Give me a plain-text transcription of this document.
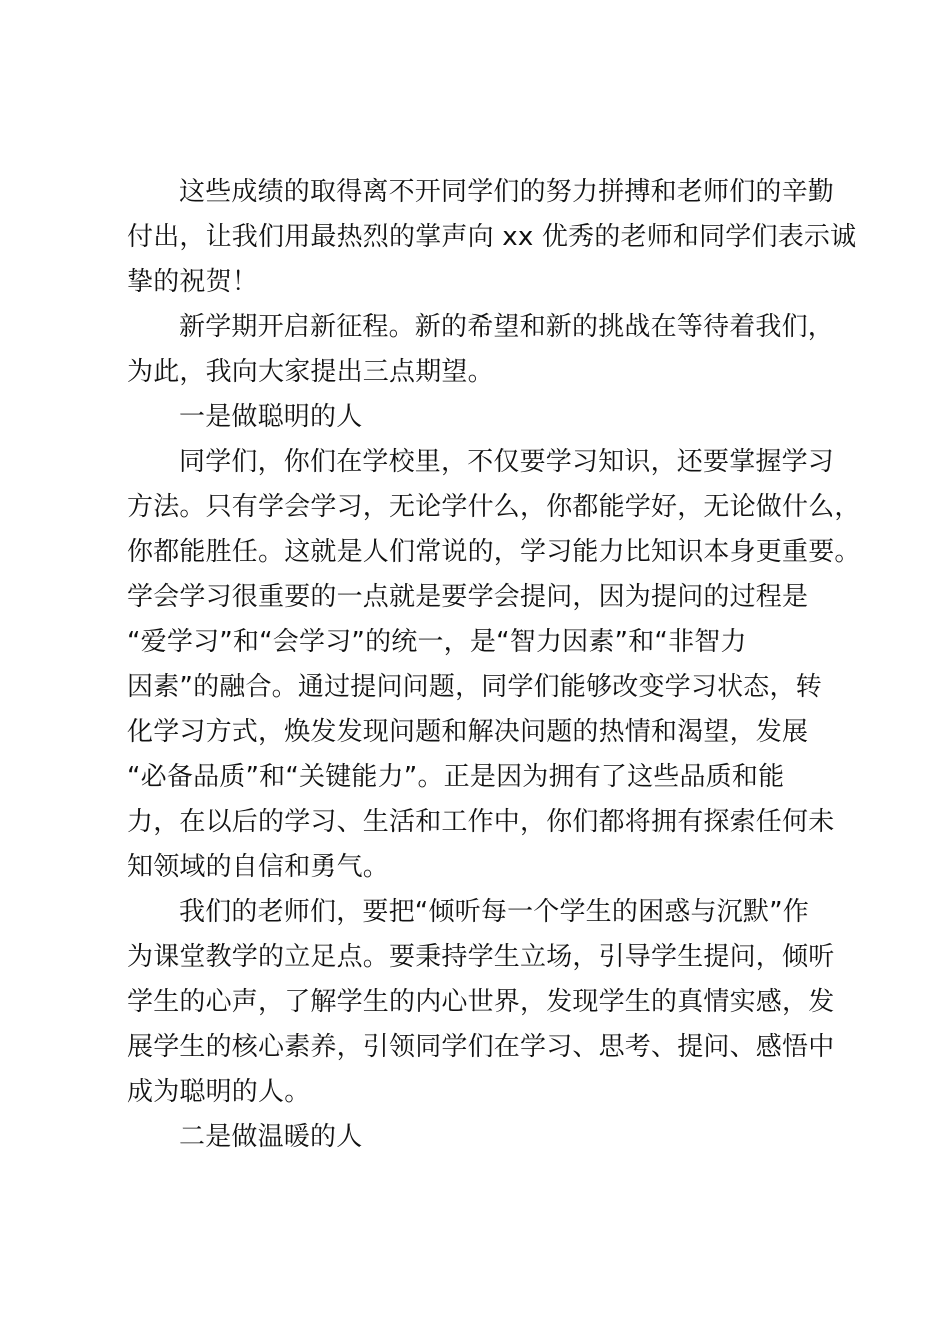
这些成绩的取得离不开同学们的努力拼搏和老师们的辛勤
付出，让我们用最热烈的掌声向 xx 优秀的老师和同学们表示诚
挚的祝贺！
新学期开启新征程。新的希望和新的挑战在等待着我们，
为此，我向大家提出三点期望。
一是做聪明的人
同学们，你们在学校里，不仅要学习知识，还要掌握学习
方法。只有学会学习，无论学什么，你都能学好，无论做什么，
你都能胜任。这就是人们常说的，学习能力比知识本身更重要。
学会学习很重要的一点就是要学会提问，因为提问的过程是
“爱学习”和“会学习”的统一，是“智力因素”和“非智力
因素”的融合。通过提问问题，同学们能够改变学习状态，转
化学习方式，焕发发现问题和解决问题的热情和渴望，发展
“必备品质”和“关键能力”。正是因为拥有了这些品质和能
力，在以后的学习、生活和工作中，你们都将拥有探索任何未
知领域的自信和勇气。
我们的老师们，要把“倾听每一个学生的困惑与沉默”作
为课堂教学的立足点。要秉持学生立场，引导学生提问，倾听
学生的心声，了解学生的内心世界，发现学生的真情实感，发
展学生的核心素养，引领同学们在学习、思考、提问、感悟中
成为聪明的人。
二是做温暖的人
